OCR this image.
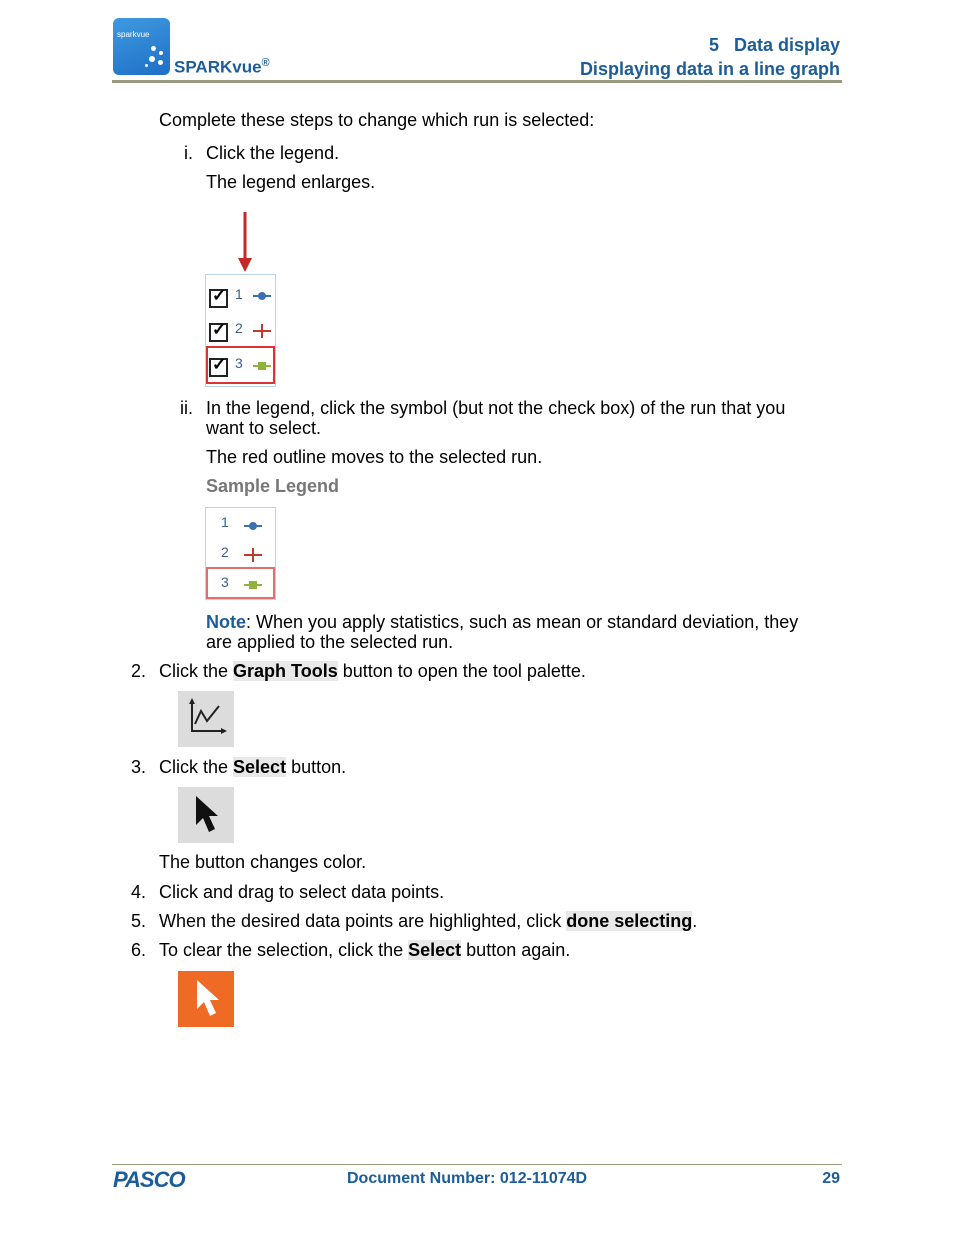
sparkvue
SPARKvue®
5   Data display
Displaying data in a line graph
Complete these steps to change which run is selected:
i. Click the legend.
The legend enlarges.
✓ 1
✓ 2
✓ 3
ii. In the legend, click the symbol (but not the check box) of the run that you want to select.
The red outline moves to the selected run.
Sample Legend
1
2
3
Note: When you apply statistics, such as mean or standard deviation, they are applied to the selected run.
2. Click the Graph Tools button to open the tool palette.
3. Click the Select button.
The button changes color.
4. Click and drag to select data points.
5. When the desired data points are highlighted, click done selecting.
6. To clear the selection, click the Select button again.
PASCO	Document Number: 012-11074D	29
